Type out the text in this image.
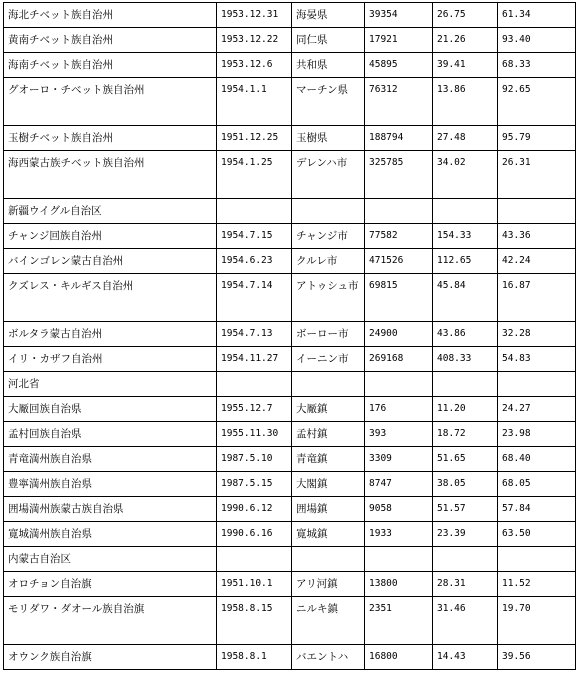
海北チベット族自治州	1953.12.31	海晏県	39354	26.75	61.34
黄南チベット族自治州	1953.12.22	同仁県	17921	21.26	93.40
海南チベット族自治州	1953.12.6	共和県	45895	39.41	68.33
グオーロ・チベット族自治州	1954.1.1	マーチン県	76312	13.86	92.65
玉樹チベット族自治州	1951.12.25	玉樹県	188794	27.48	95.79
海西蒙古族チベット族自治州	1954.1.25	デレンハ市	325785	34.02	26.31
新疆ウイグル自治区					
チャンジ回族自治州	1954.7.15	チャンジ市	77582	154.33	43.36
バインゴレン蒙古自治州	1954.6.23	クルレ市	471526	112.65	42.24
クズレス・キルギス自治州	1954.7.14	アトゥシュ市	69815	45.84	16.87
ボルタラ蒙古自治州	1954.7.13	ボーロー市	24900	43.86	32.28
イリ・カザフ自治州	1954.11.27	イーニン市	269168	408.33	54.83
河北省					
大厰回族自治県	1955.12.7	大厰鎮	176	11.20	24.27
孟村回族自治県	1955.11.30	孟村鎮	393	18.72	23.98
青竜満州族自治県	1987.5.10	青竜鎮	3309	51.65	68.40
豊寧満州族自治県	1987.5.15	大閣鎮	8747	38.05	68.05
囲場満州族蒙古族自治県	1990.6.12	囲場鎮	9058	51.57	57.84
寛城満州族自治県	1990.6.16	寛城鎮	1933	23.39	63.50
内蒙古自治区					
オロチョン自治旗	1951.10.1	アリ河鎮	13800	28.31	11.52
モリダワ・ダオール族自治旗	1958.8.15	ニルキ鎮	2351	31.46	19.70
オウンク族自治旗	1958.8.1	バエントハ	16800	14.43	39.56
